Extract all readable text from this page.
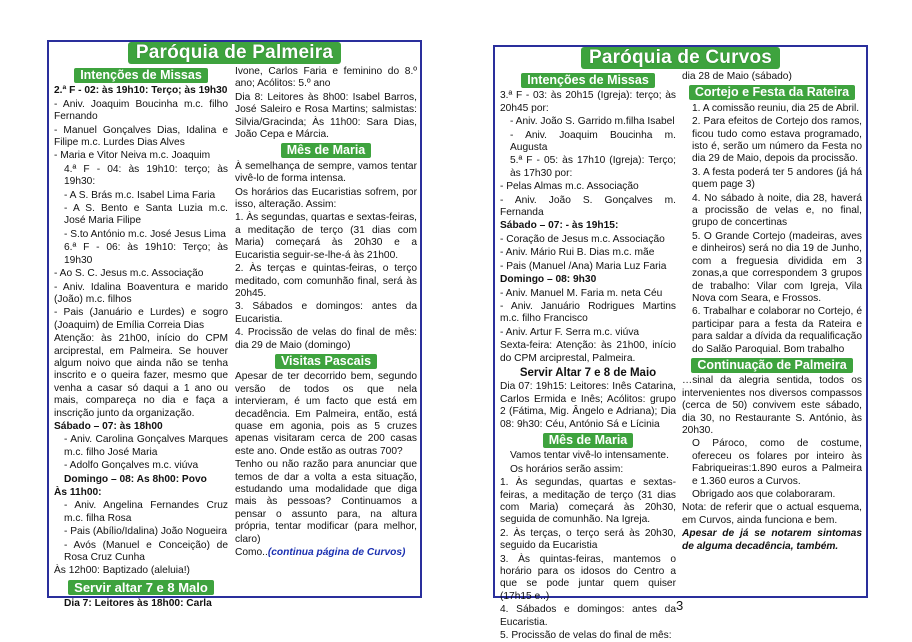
Paróquia de Palmeira
Intenções de Missas

2.ª F - 02: às 19h10: Terço; às 19h30

- Aniv. Joaquim Boucinha m.c. filho Fernando

- Manuel Gonçalves Dias, Idalina e Filipe m.c. Lurdes Dias Alves

- Maria e Vitor Neiva m.c. Joaquim

4.ª F - 04: às 19h10: terço; às 19h30:

- A S. Brás m.c. Isabel Lima Faria

- A S. Bento e Santa Luzia m.c. José Maria Filipe

- S.to António m.c. José Jesus Lima

6.ª F - 06: às 19h10: Terço; às 19h30

- Ao S. C. Jesus m.c. Associação

- Aniv. Idalina Boaventura e marido (João) m.c. filhos

- Pais (Januário e Lurdes) e sogro (Joaquim) de Emília Correia Dias

Atenção: às 21h00, início do CPM arciprestal, em Palmeira. Se houver algum noivo que ainda não se tenha inscrito e o queira fazer, mesmo que venha a casar só daqui a 1 ano ou mais, compareça no dia e faça a inscrição junto da organização.

Sábado – 07: às 18h00

- Aniv. Carolina Gonçalves Marques m.c. filho José Maria

- Adolfo Gonçalves m.c. viúva

Domingo – 08: As 8h00: Povo

Às 11h00:

- Aniv. Angelina Fernandes Cruz m.c. filha Rosa

- Pais (Abílio/Idalina) João Nogueira

- Avós (Manuel e Conceição) de Rosa Cruz Cunha

Às 12h00: Baptizado (aleluia!)

Servir altar 7 e 8 Malo

Dia 7: Leitores às 18h00: Carla

Ivone, Carlos Faria e feminino do 8.º ano; Acólitos: 5.º ano

Dia 8: Leitores às 8h00: Isabel Barros, José Saleiro e Rosa Martins; salmistas: Silvia/Gracinda; Às 11h00: Sara Dias, João Cepa e Márcia.

Mês de Maria

À semelhança de sempre, vamos tentar vivê-lo de forma intensa.

Os horários das Eucaristias sofrem, por isso, alteração. Assim:

1. Às segundas, quartas e sextas-feiras, a meditação de terço (31 dias com Maria) começará às 20h30 e a Eucaristia seguir-se-lhe-á às 21h00.

2. Às terças e quintas-feiras, o terço meditado, com comunhão final, será às 20h45.

3. Sábados e domingos: antes da Eucaristia.

4. Procissão de velas do final de mês: dia 29 de Maio (domingo)

Visitas Pascais

Apesar de ter decorrido bem, segundo versão de todos os que nela intervieram, é um facto que está em decadência. Em Palmeira, então, está quase em agonia, pois as 5 cruzes apenas visitaram cerca de 200 casas este ano. Onde estão as outras 700?

Tenho ou não razão para anunciar que temos de dar a volta a esta situação, estudando uma modalidade que diga mais às pessoas? Continuamos a pensar o assunto para, na altura própria, tentar modificar (para melhor, claro)

Como..(continua página de Curvos)

Paróquia de Curvos
Intenções de Missas

3.ª F - 03: às 20h15 (Igreja): terço; às 20h45 por:

- Aniv. João S. Garrido m.filha Isabel

- Aniv. Joaquim Boucinha m. Augusta

5.ª F - 05: às 17h10 (Igreja): Terço; às 17h30 por:

- Pelas Almas m.c. Associação

- Aniv. João S. Gonçalves m. Fernanda

Sábado – 07: - às 19h15:

- Coração de Jesus m.c. Associação

- Aniv. Mário Rui B. Dias m.c. mãe

- Pais (Manuel /Ana) Maria Luz Faria

Domingo – 08: 9h30

- Aniv. Manuel M. Faria m. neta Céu

- Aniv. Januário Rodrigues Martins m.c. filho Francisco

- Aniv. Artur F. Serra m.c. viúva

Sexta-feira: Atenção: às 21h00, início do CPM arciprestal, Palmeira.

Servir Altar 7 e 8 de Maio

Dia 07: 19h15: Leitores: Inês Catarina, Carlos Ermida e Inês; Acólitos: grupo 2 (Fátima, Mig. Ângelo e Adriana); Dia 08: 9h30: Céu, António Sá e Lícinia

Mês de Maria

Vamos tentar vivê-lo intensamente.

Os horários serão assim:

1. Às segundas, quartas e sextas-feiras, a meditação de terço (31 dias com Maria) começará às 20h30, seguida de comunhão. Na Igreja.

2. Às terças, o terço será às 20h30, seguido da Eucaristia

3. Às quintas-feiras, mantemos o horário para os idosos do Centro a que se pode juntar quem quiser (17h15 e..)

4. Sábados e domingos: antes da Eucaristia.

5. Procissão de velas do final de mês:

dia 28 de Maio (sábado)

Cortejo e Festa da Rateira

1. A comissão reuniu, dia 25 de Abril.

2. Para efeitos de Cortejo dos ramos, ficou tudo como estava programado, isto é, serão um número da Festa no dia 29 de Maio, depois da procissão.

3. A festa poderá ter 5 andores (já há quem page 3)

4. No sábado à noite, dia 28, haverá a procissão de velas e, no final, grupo de concertinas

5. O Grande Cortejo (madeiras, aves e dinheiros) será no dia 19 de Junho, com a freguesia dividida em 3 zonas,a que correspondem 3 grupos de trabalho: Vilar com Igreja, Vila Nova com Seara, e Frossos.

6. Trabalhar e colaborar no Cortejo, é participar para a festa da Rateira e para saldar a dívida da requalificação do Salão Paroquial. Bom trabalho

Continuação de Palmeira

…sinal da alegria sentida, todos os intervenientes nos diversos compassos (cerca de 50) convivem este sábado, dia 30, no Restaurante S. António, às 20h30.

O Pároco, como de costume, ofereceu os folares por inteiro às Fabriqueiras:1.890 euros a Palmeira e 1.360 euros a Curvos.

Obrigado aos que colaboraram.

Nota: de referir que o actual esquema, em Curvos, ainda funciona e bem.

Apesar de já se notarem sintomas de alguma decadência, também.

3
